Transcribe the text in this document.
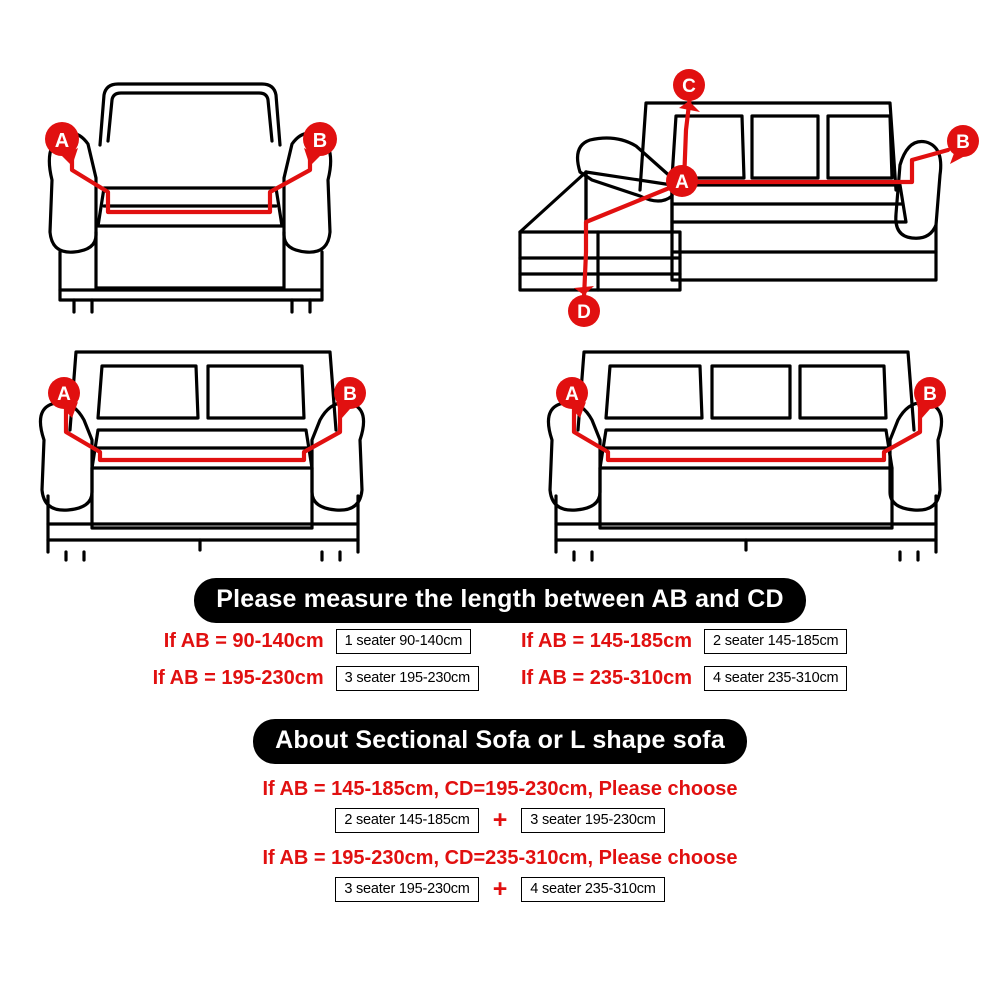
A	B
C
A
B
D
A	B	A	B
Please measure the length between AB and CD
If AB = 90-140cm	1 seater 90-140cm		If AB = 145-185cm	2 seater 145-185cm
If AB = 195-230cm	3 seater 195-230cm		If AB = 235-310cm	4 seater 235-310cm
About Sectional Sofa or L shape sofa
If AB = 145-185cm, CD=195-230cm, Please choose
2 seater 145-185cm +	3 seater 195-230cm
If AB = 195-230cm, CD=235-310cm, Please choose
3 seater 195-230cm +	4 seater 235-310cm
